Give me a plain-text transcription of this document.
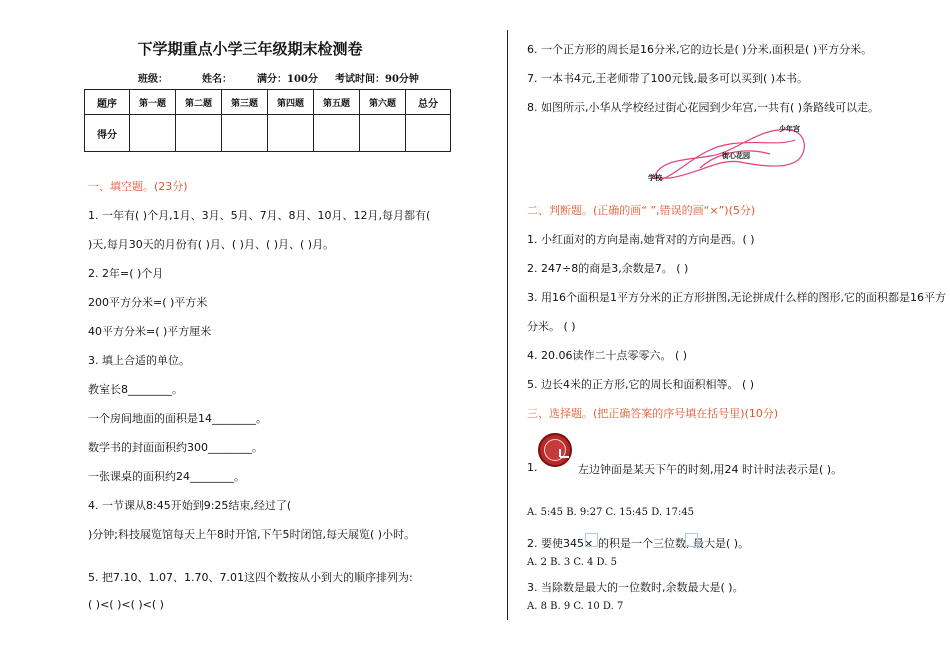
下学期重点小学三年级期末检测卷
班级：	姓名：	满分：100分 考试时间：90分钟
题序	第一题	第二题	第三题	第四题	第五题	第六题	总分
得分							
一、填空题。(23分)
1. 一年有( )个月,1月、3月、5月、7月、8月、10月、12月,每月都有(
)天,每月30天的月份有( )月、( )月、( )月、( )月。
2. 2年=( )个月
200平方分米=( )平方米
40平方分米=( )平方厘米
3. 填上合适的单位。
教室长8________。
一个房间地面的面积是14________。
数学书的封面面积约300________。
一张课桌的面积约24________。
4. 一节课从8:45开始到9:25结束,经过了(
)分钟;科技展览馆每天上午8时开馆,下午5时闭馆,每天展览( )小时。
5. 把7.10、1.07、1.70、7.01这四个数按从小到大的顺序排列为:
( )<( )<( )<( )
6. 一个正方形的周长是16分米,它的边长是( )分米,面积是( )平方分米。
7. 一本书4元,王老师带了100元钱,最多可以买到( )本书。
8. 如图所示,小华从学校经过街心花园到少年宫,一共有( )条路线可以走。
学校
街心花园
少年宫
二、判断题。(正确的画“ ”,错误的画“×”)(5分)
1. 小红面对的方向是南,她背对的方向是西。( )
2. 247÷8的商是3,余数是7。 ( )
3. 用16个面积是1平方分米的正方形拼图,无论拼成什么样的图形,它的面积都是16平方
分米。 ( )
4. 20.06读作二十点零零六。 ( )
5. 边长4米的正方形,它的周长和面积相等。 ( )
三、选择题。(把正确答案的序号填在括号里)(10分)
1.	左边钟面是某天下午的时刻,用24 时计时法表示是( )。
A. 5:45 B. 9:27 C. 15:45 D. 17:45
2. 要使345× 的积是一个三位数, 最大是( )。
A. 2 B. 3 C. 4 D. 5
3. 当除数是最大的一位数时,余数最大是( )。
A. 8 B. 9 C. 10 D. 7
